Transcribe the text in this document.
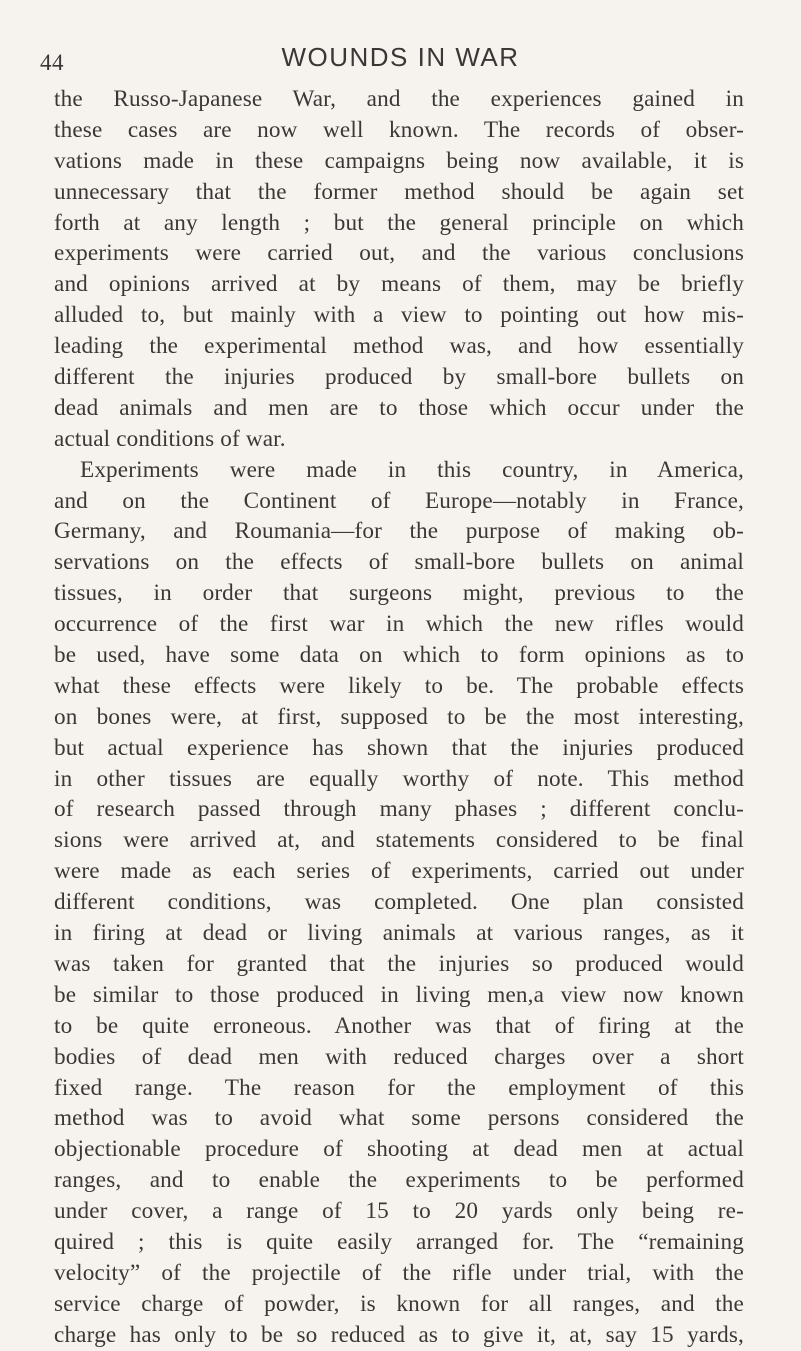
44	WOUNDS IN WAR
the Russo-Japanese War, and the experiences gained in
these cases are now well known. The records of obser-
vations made in these campaigns being now available, it is
unnecessary that the former method should be again set
forth at any length ; but the general principle on which
experiments were carried out, and the various conclusions
and opinions arrived at by means of them, may be briefly
alluded to, but mainly with a view to pointing out how mis-
leading the experimental method was, and how essentially
different the injuries produced by small-bore bullets on
dead animals and men are to those which occur under the
actual conditions of war.
Experiments were made in this country, in America,
and on the Continent of Europe—notably in France,
Germany, and Roumania—for the purpose of making ob-
servations on the effects of small-bore bullets on animal
tissues, in order that surgeons might, previous to the
occurrence of the first war in which the new rifles would
be used, have some data on which to form opinions as to
what these effects were likely to be. The probable effects
on bones were, at first, supposed to be the most interesting,
but actual experience has shown that the injuries produced
in other tissues are equally worthy of note. This method
of research passed through many phases ; different conclu-
sions were arrived at, and statements considered to be final
were made as each series of experiments, carried out under
different conditions, was completed. One plan consisted
in firing at dead or living animals at various ranges, as it
was taken for granted that the injuries so produced would
be similar to those produced in living men,a view now known
to be quite erroneous. Another was that of firing at the
bodies of dead men with reduced charges over a short
fixed range. The reason for the employment of this
method was to avoid what some persons considered the
objectionable procedure of shooting at dead men at actual
ranges, and to enable the experiments to be performed
under cover, a range of 15 to 20 yards only being re-
quired ; this is quite easily arranged for. The “remaining
velocity” of the projectile of the rifle under trial, with the
service charge of powder, is known for all ranges, and the
charge has only to be so reduced as to give it, at, say 15 yards,
